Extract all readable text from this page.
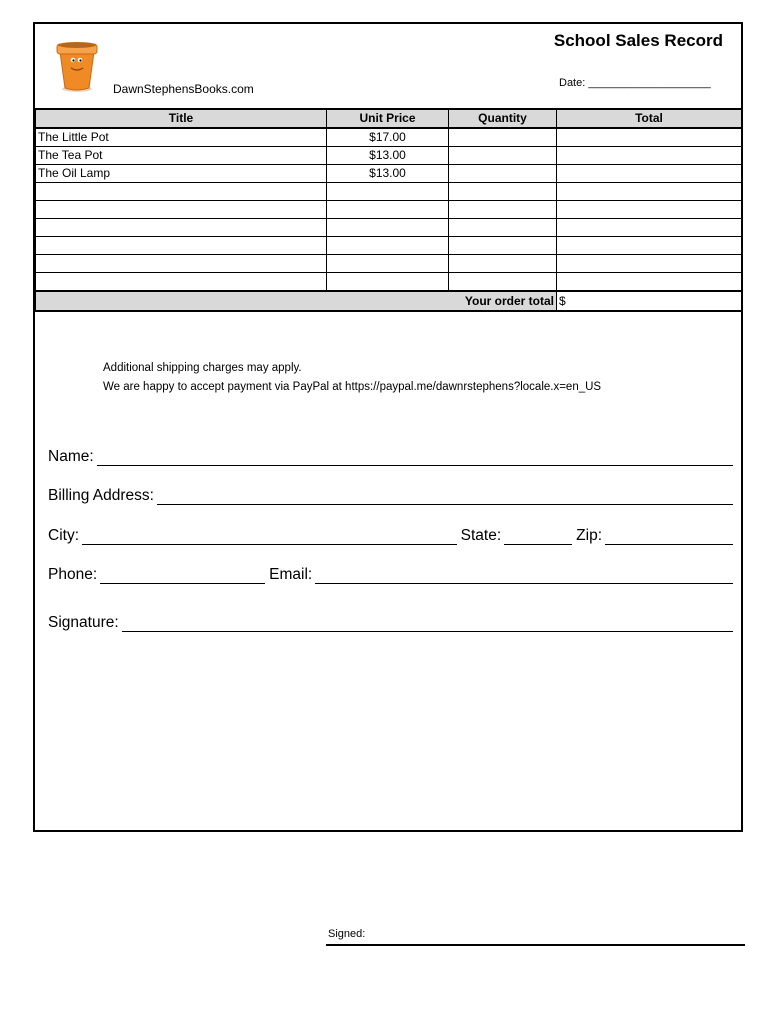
DawnStephensBooks.com
School Sales Record
Date: ____________________
Title	Unit Price	Quantity	Total
The Little Pot	$17.00		
The Tea Pot	$13.00		
The Oil Lamp	$13.00		

Your order total			$
Additional shipping charges may apply.
We are happy to accept payment via PayPal at https://paypal.me/dawnrstephens?locale.x=en_US
Name:
Billing Address:
City:	State:	Zip:
Phone:	Email:
Signature:
Signed:
